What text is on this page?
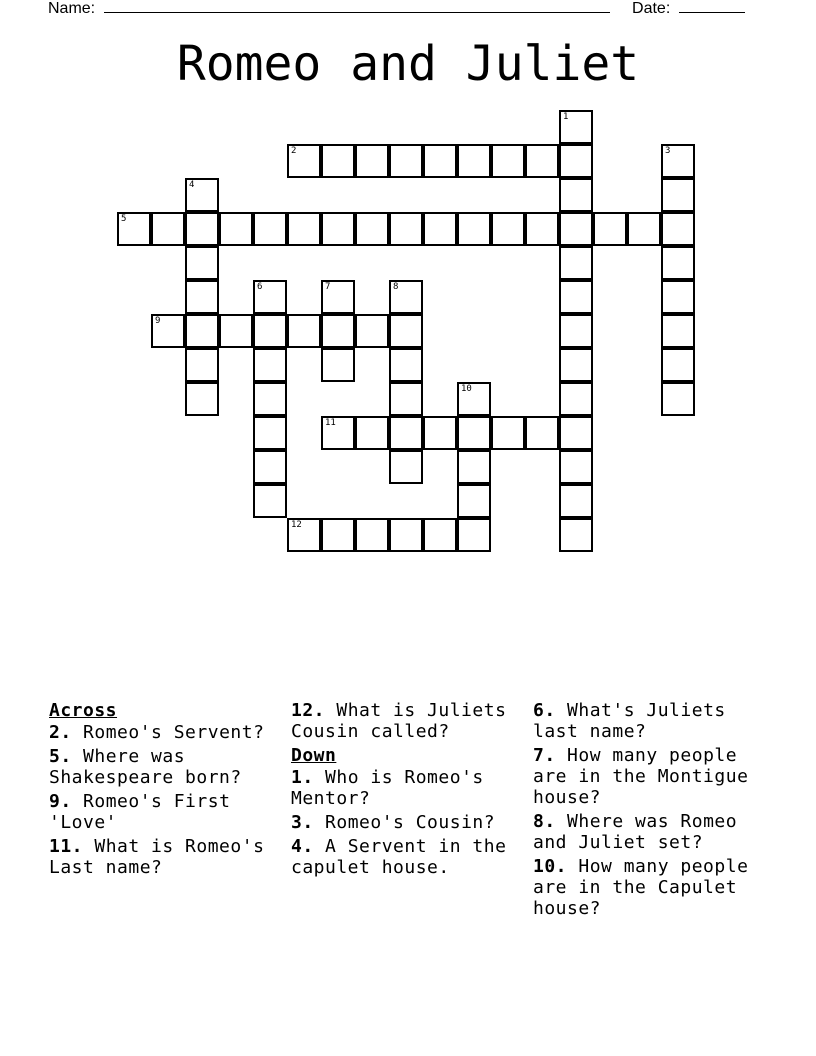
Name:	Date:
Romeo and Juliet
1
2	3
4
5
6	7	8
9
10
11
12
Across
2. Romeo's Servent?
5. Where was Shakespeare born?
9. Romeo's First 'Love'
11. What is Romeo's Last name?
12. What is Juliets Cousin called?
Down
1. Who is Romeo's Mentor?
3. Romeo's Cousin?
4. A Servent in the capulet house.
6. What's Juliets last name?
7. How many people are in the Montigue house?
8. Where was Romeo and Juliet set?
10. How many people are in the Capulet house?
